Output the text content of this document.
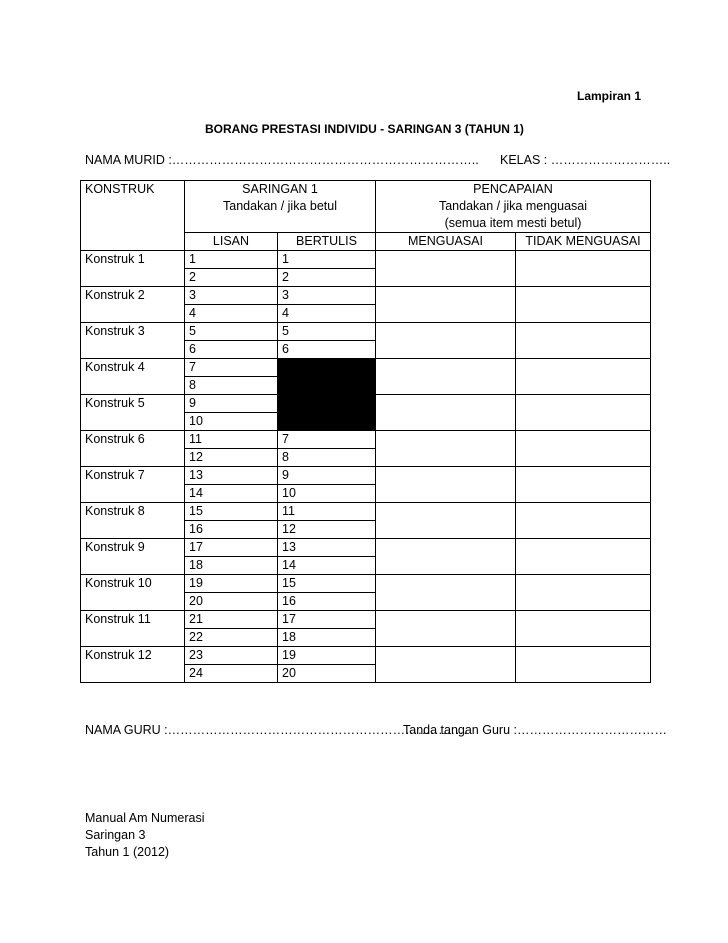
Lampiran 1
BORANG PRESTASI INDIVIDU - SARINGAN 3 (TAHUN 1)
NAMA MURID :……………………………………………………………….. KELAS : ………………………..
KONSTRUK	SARINGAN 1		PENCAPAIAN	
	Tandakan / jika betul		Tandakan / jika menguasai	
			(semua item mesti betul)	
	LISAN	BERTULIS	MENGUASAI	TIDAK MENGUASAI
Konstruk 1	1	1		
	2	2		
Konstruk 2	3	3		
	4	4		
Konstruk 3	5	5		
	6	6		
Konstruk 4	7			
	8			
Konstruk 5	9			
	10			
Konstruk 6	11	7		
	12	8		
Konstruk 7	13	9		
	14	10		
Konstruk 8	15	11		
	16	12		
Konstruk 9	17	13		
	18	14		
Konstruk 10	19	15		
	20	16		
Konstruk 11	21	17		
	22	18		
Konstruk 12	23	19		
	24	20		
NAMA GURU :………………………………………………………………
Tanda tangan Guru :………………………………
Manual Am Numerasi
Saringan 3
Tahun 1 (2012)
